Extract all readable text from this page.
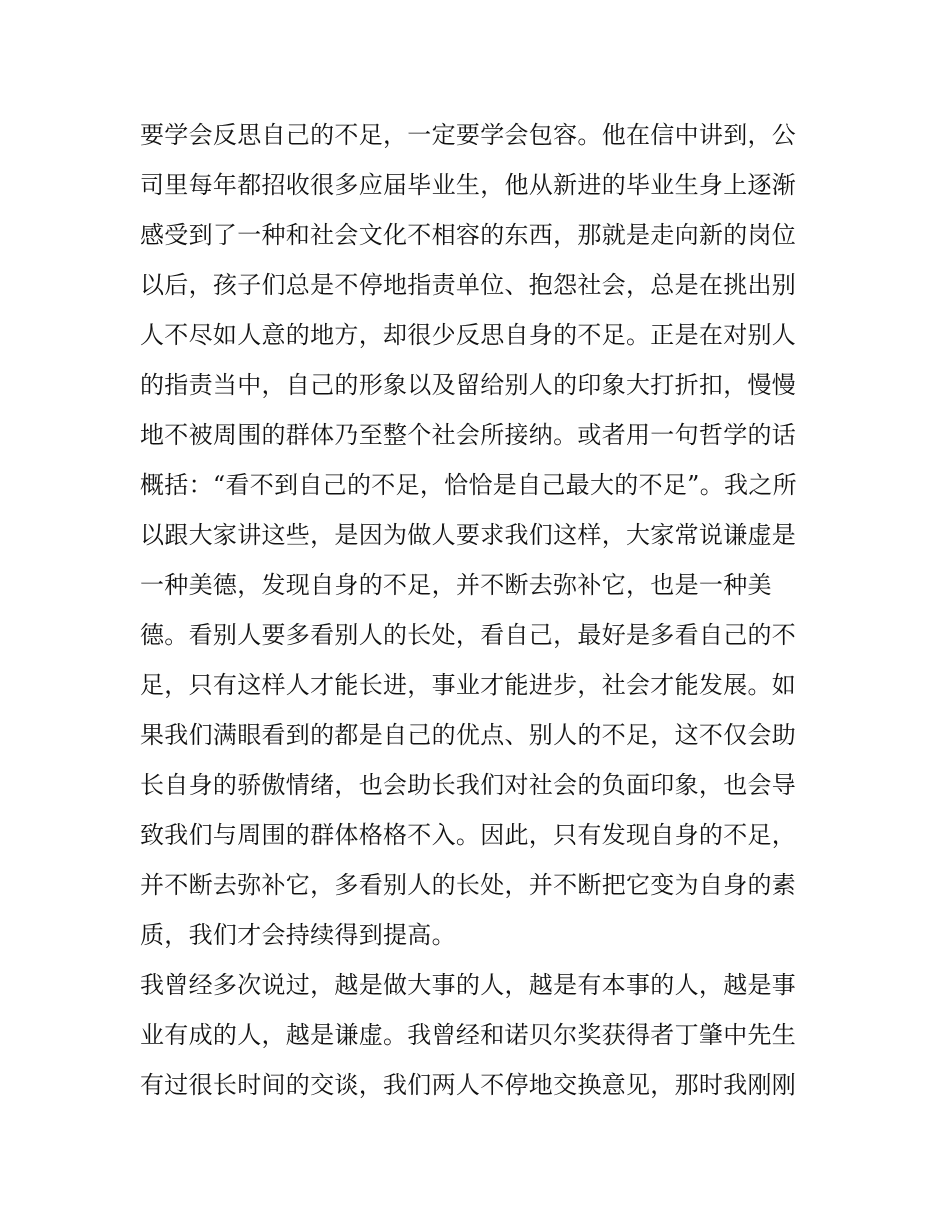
要学会反思自己的不足，一定要学会包容。他在信中讲到，公
司里每年都招收很多应届毕业生，他从新进的毕业生身上逐渐
感受到了一种和社会文化不相容的东西，那就是走向新的岗位
以后，孩子们总是不停地指责单位、抱怨社会，总是在挑出别
人不尽如人意的地方，却很少反思自身的不足。正是在对别人
的指责当中，自己的形象以及留给别人的印象大打折扣，慢慢
地不被周围的群体乃至整个社会所接纳。或者用一句哲学的话
概括：“看不到自己的不足，恰恰是自己最大的不足”。我之所
以跟大家讲这些，是因为做人要求我们这样，大家常说谦虚是
一种美德，发现自身的不足，并不断去弥补它，也是一种美
德。看别人要多看别人的长处，看自己，最好是多看自己的不
足，只有这样人才能长进，事业才能进步，社会才能发展。如
果我们满眼看到的都是自己的优点、别人的不足，这不仅会助
长自身的骄傲情绪，也会助长我们对社会的负面印象，也会导
致我们与周围的群体格格不入。因此，只有发现自身的不足，
并不断去弥补它，多看别人的长处，并不断把它变为自身的素
质，我们才会持续得到提高。
我曾经多次说过，越是做大事的人，越是有本事的人，越是事
业有成的人，越是谦虚。我曾经和诺贝尔奖获得者丁肇中先生
有过很长时间的交谈，我们两人不停地交换意见，那时我刚刚
